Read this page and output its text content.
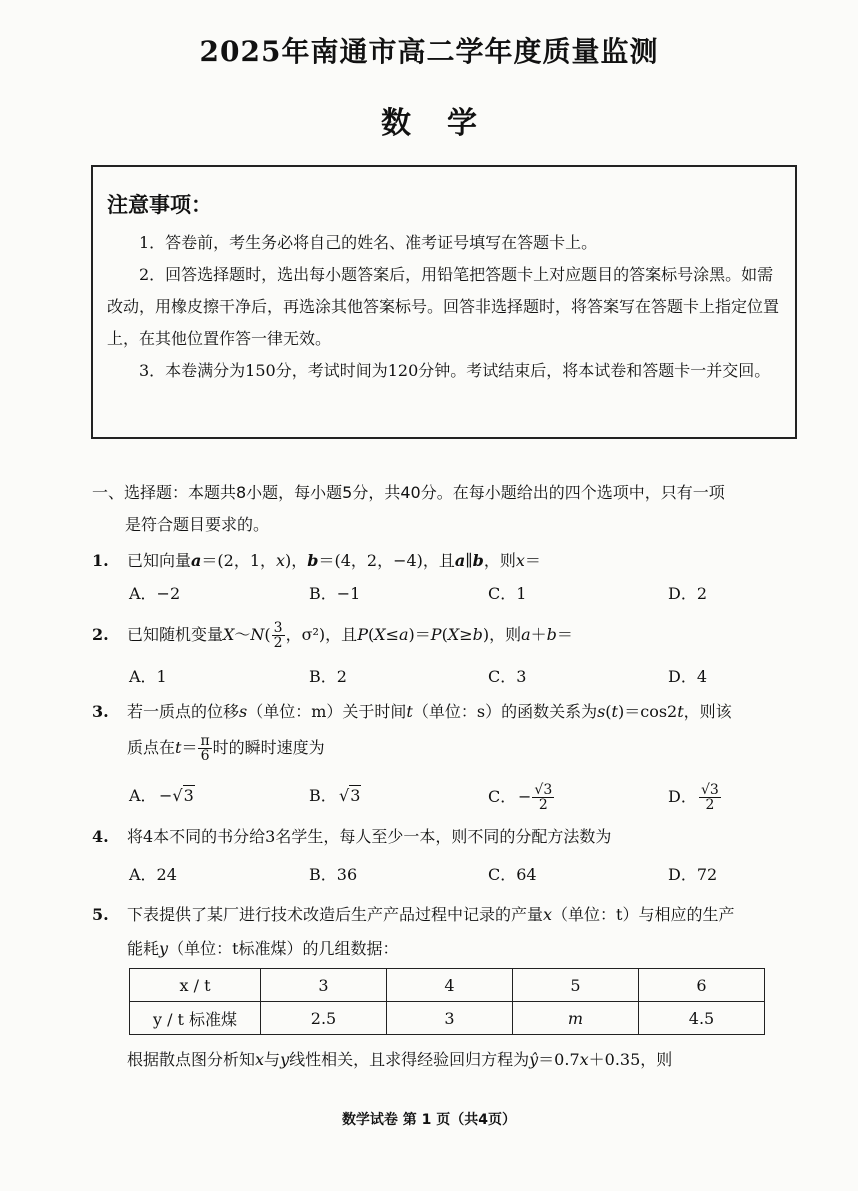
2025年南通市高二学年度质量监测
数学
注意事项：
1．答卷前，考生务必将自己的姓名、准考证号填写在答题卡上。
2．回答选择题时，选出每小题答案后，用铅笔把答题卡上对应题目的答案标号涂黑。如需改动，用橡皮擦干净后，再选涂其他答案标号。回答非选择题时，将答案写在答题卡上指定位置上，在其他位置作答一律无效。
3．本卷满分为150分，考试时间为120分钟。考试结束后，将本试卷和答题卡一并交回。
一、选择题：本题共8小题，每小题5分，共40分。在每小题给出的四个选项中，只有一项
是符合题目要求的。
1. 已知向量a＝(2，1，x)，b＝(4，2，−4)，且a∥b，则x＝
A．−2	B．−1	C．1	D．2
2. 已知随机变量X～N( $\frac{3}{2}$ ，σ²)，且P(X≤a)＝P(X≥b)，则a＋b＝
A．1	B．2	C．3	D．4
3. 若一质点的位移s（单位：m）关于时间t（单位：s）的函数关系为s(t)＝cos2t，则该
质点在$t= \frac{\pi}{6}$ 时的瞬时速度为
A． −√3	B． √3	C． − $\frac{√3}{2}$	D． $\frac{√3}{2}$
4. 将4本不同的书分给3名学生，每人至少一本，则不同的分配方法数为
A．24	B．36	C．64	D．72
5. 下表提供了某厂进行技术改造后生产产品过程中记录的产量x（单位：t）与相应的生产
能耗y（单位：t标准煤）的几组数据：
x / t	3	4	5	6
y / t 标准煤	2.5	3	m	4.5
根据散点图分析知x与y线性相关，且求得经验回归方程为ŷ＝0.7x＋0.35，则
数学试卷 第 1 页（共4页）
